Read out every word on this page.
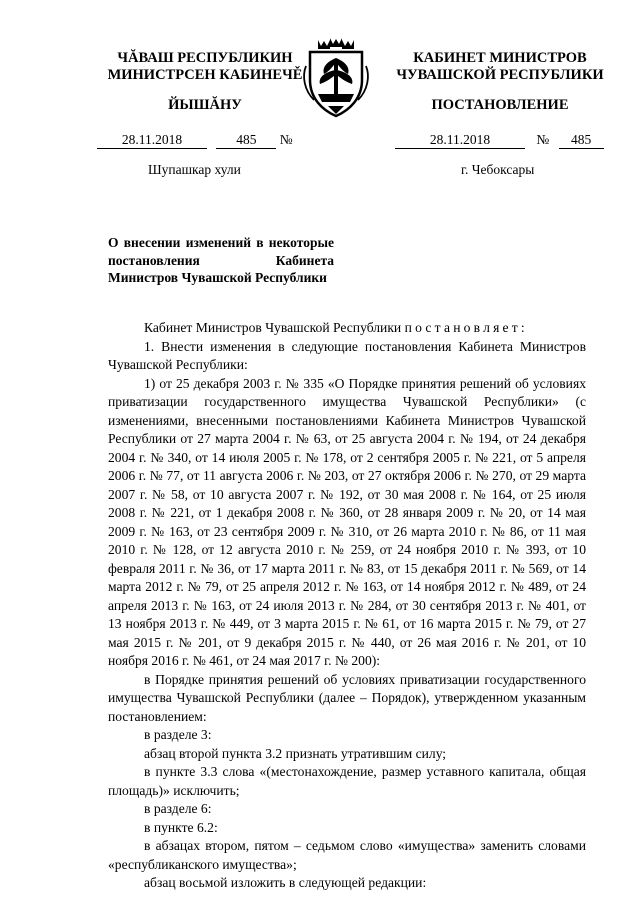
ЧĂВАШ РЕСПУБЛИКИН
МИНИСТРСЕН КАБИНЕЧĚ
ЙЫШĂНУ
КАБИНЕТ МИНИСТРОВ
ЧУВАШСКОЙ РЕСПУБЛИКИ
ПОСТАНОВЛЕНИЕ
28.11.2018	485 №	28.11.2018	№ 485
Шупашкар хули	г. Чебоксары
О внесении изменений в некоторые постановления Кабинета Министров Чувашской Республики

Кабинет Министров Чувашской Республики постановляет:

1. Внести изменения в следующие постановления Кабинета Министров Чувашской Республики:

1) от 25 декабря 2003 г. № 335 «О Порядке принятия решений об условиях приватизации государственного имущества Чувашской Республики» (с изменениями, внесенными постановлениями Кабинета Министров Чувашской Республики от 27 марта 2004 г. № 63, от 25 августа 2004 г. № 194, от 24 декабря 2004 г. № 340, от 14 июля 2005 г. № 178, от 2 сентября 2005 г. № 221, от 5 апреля 2006 г. № 77, от 11 августа 2006 г. № 203, от 27 октября 2006 г. № 270, от 29 марта 2007 г. № 58, от 10 августа 2007 г. № 192, от 30 мая 2008 г. № 164, от 25 июля 2008 г. № 221, от 1 декабря 2008 г. № 360, от 28 января 2009 г. № 20, от 14 мая 2009 г. № 163, от 23 сентября 2009 г. № 310, от 26 марта 2010 г. № 86, от 11 мая 2010 г. № 128, от 12 августа 2010 г. № 259, от 24 ноября 2010 г. № 393, от 10 февраля 2011 г. № 36, от 17 марта 2011 г. № 83, от 15 декабря 2011 г. № 569, от 14 марта 2012 г. № 79, от 25 апреля 2012 г. № 163, от 14 ноября 2012 г. № 489, от 24 апреля 2013 г. № 163, от 24 июля 2013 г. № 284, от 30 сентября 2013 г. № 401, от 13 ноября 2013 г. № 449, от 3 марта 2015 г. № 61, от 16 марта 2015 г. № 79, от 27 мая 2015 г. № 201, от 9 декабря 2015 г. № 440, от 26 мая 2016 г. № 201, от 10 ноября 2016 г. № 461, от 24 мая 2017 г. № 200):

в Порядке принятия решений об условиях приватизации государственного имущества Чувашской Республики (далее – Порядок), утвержденном указанным постановлением:

в разделе 3:

абзац второй пункта 3.2 признать утратившим силу;

в пункте 3.3 слова «(местонахождение, размер уставного капитала, общая площадь)» исключить;

в разделе 6:

в пункте 6.2:

в абзацах втором, пятом – седьмом слово «имущества» заменить словами «республиканского имущества»;

абзац восьмой изложить в следующей редакции:
